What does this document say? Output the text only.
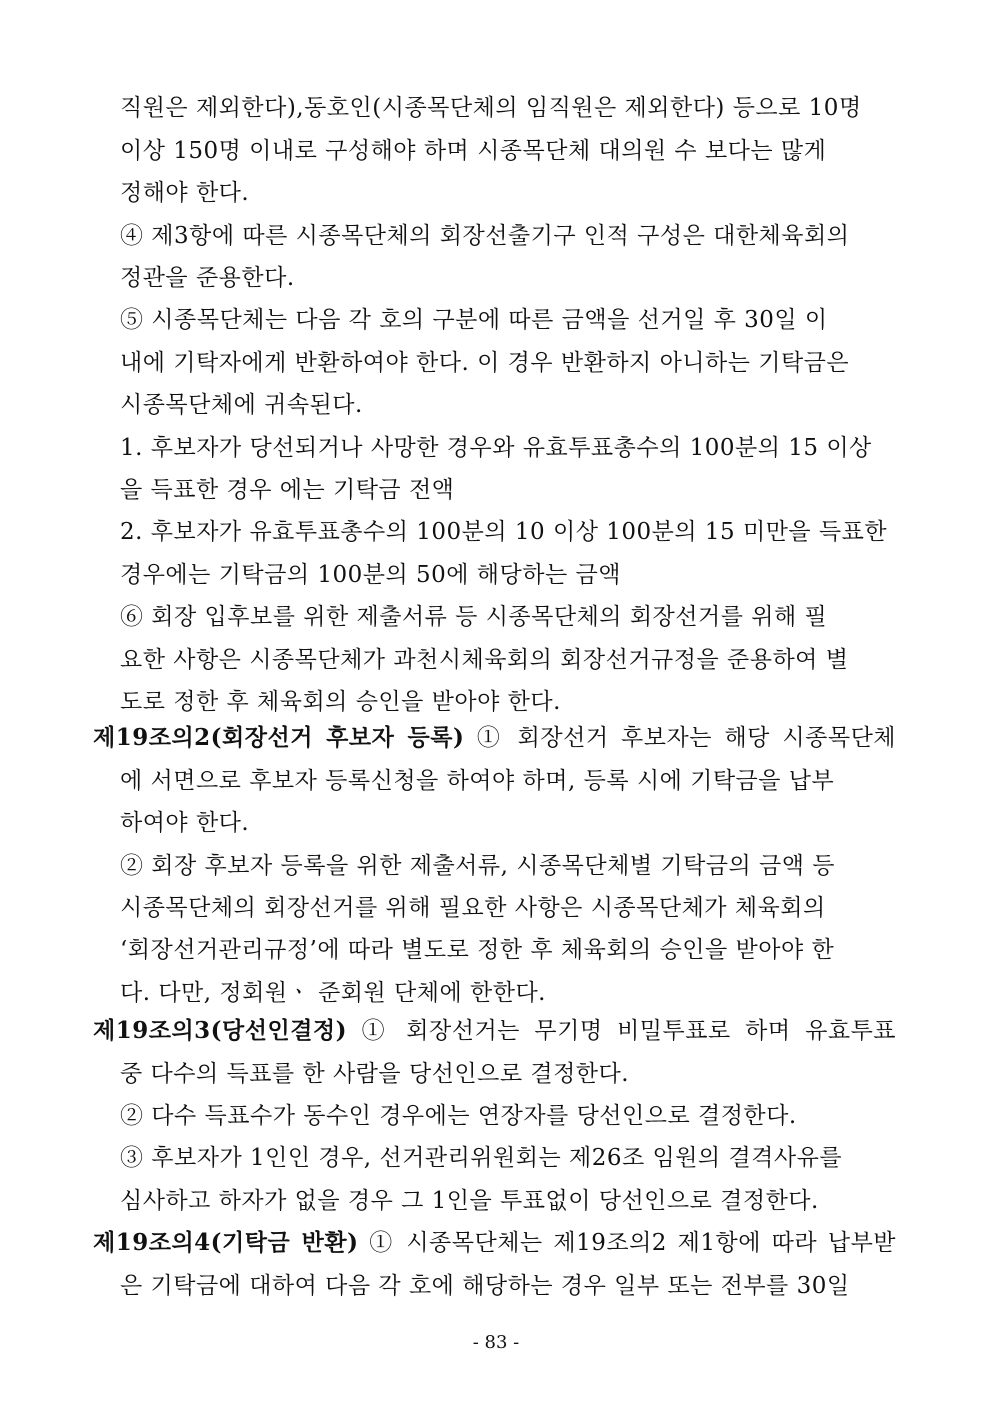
직원은 제외한다),동호인(시종목단체의 임직원은 제외한다) 등으로 10명
이상 150명 이내로 구성해야 하며 시종목단체 대의원 수 보다는 많게
정해야 한다.
④ 제3항에 따른 시종목단체의 회장선출기구 인적 구성은 대한체육회의
정관을 준용한다.
⑤ 시종목단체는 다음 각 호의 구분에 따른 금액을 선거일 후 30일 이
내에 기탁자에게 반환하여야 한다. 이 경우 반환하지 아니하는 기탁금은
시종목단체에 귀속된다.
1. 후보자가 당선되거나 사망한 경우와 유효투표총수의 100분의 15 이상
을 득표한 경우 에는 기탁금 전액
2. 후보자가 유효투표총수의 100분의 10 이상 100분의 15 미만을 득표한
경우에는 기탁금의 100분의 50에 해당하는 금액
⑥ 회장 입후보를 위한 제출서류 등 시종목단체의 회장선거를 위해 필
요한 사항은 시종목단체가 과천시체육회의 회장선거규정을 준용하여 별
도로 정한 후 체육회의 승인을 받아야 한다.
제19조의2(회장선거 후보자 등록) ① 회장선거 후보자는 해당 시종목단체
에 서면으로 후보자 등록신청을 하여야 하며, 등록 시에 기탁금을 납부
하여야 한다.
② 회장 후보자 등록을 위한 제출서류, 시종목단체별 기탁금의 금액 등
시종목단체의 회장선거를 위해 필요한 사항은 시종목단체가 체육회의
‘회장선거관리규정’에 따라 별도로 정한 후 체육회의 승인을 받아야 한
다. 다만, 정회원ㆍ 준회원 단체에 한한다.
제19조의3(당선인결정) ① 회장선거는 무기명 비밀투표로 하며 유효투표
중 다수의 득표를 한 사람을 당선인으로 결정한다.
② 다수 득표수가 동수인 경우에는 연장자를 당선인으로 결정한다.
③ 후보자가 1인인 경우, 선거관리위원회는 제26조 임원의 결격사유를
심사하고 하자가 없을 경우 그 1인을 투표없이 당선인으로 결정한다.
제19조의4(기탁금 반환) ① 시종목단체는 제19조의2 제1항에 따라 납부받
은 기탁금에 대하여 다음 각 호에 해당하는 경우 일부 또는 전부를 30일
- 83 -
